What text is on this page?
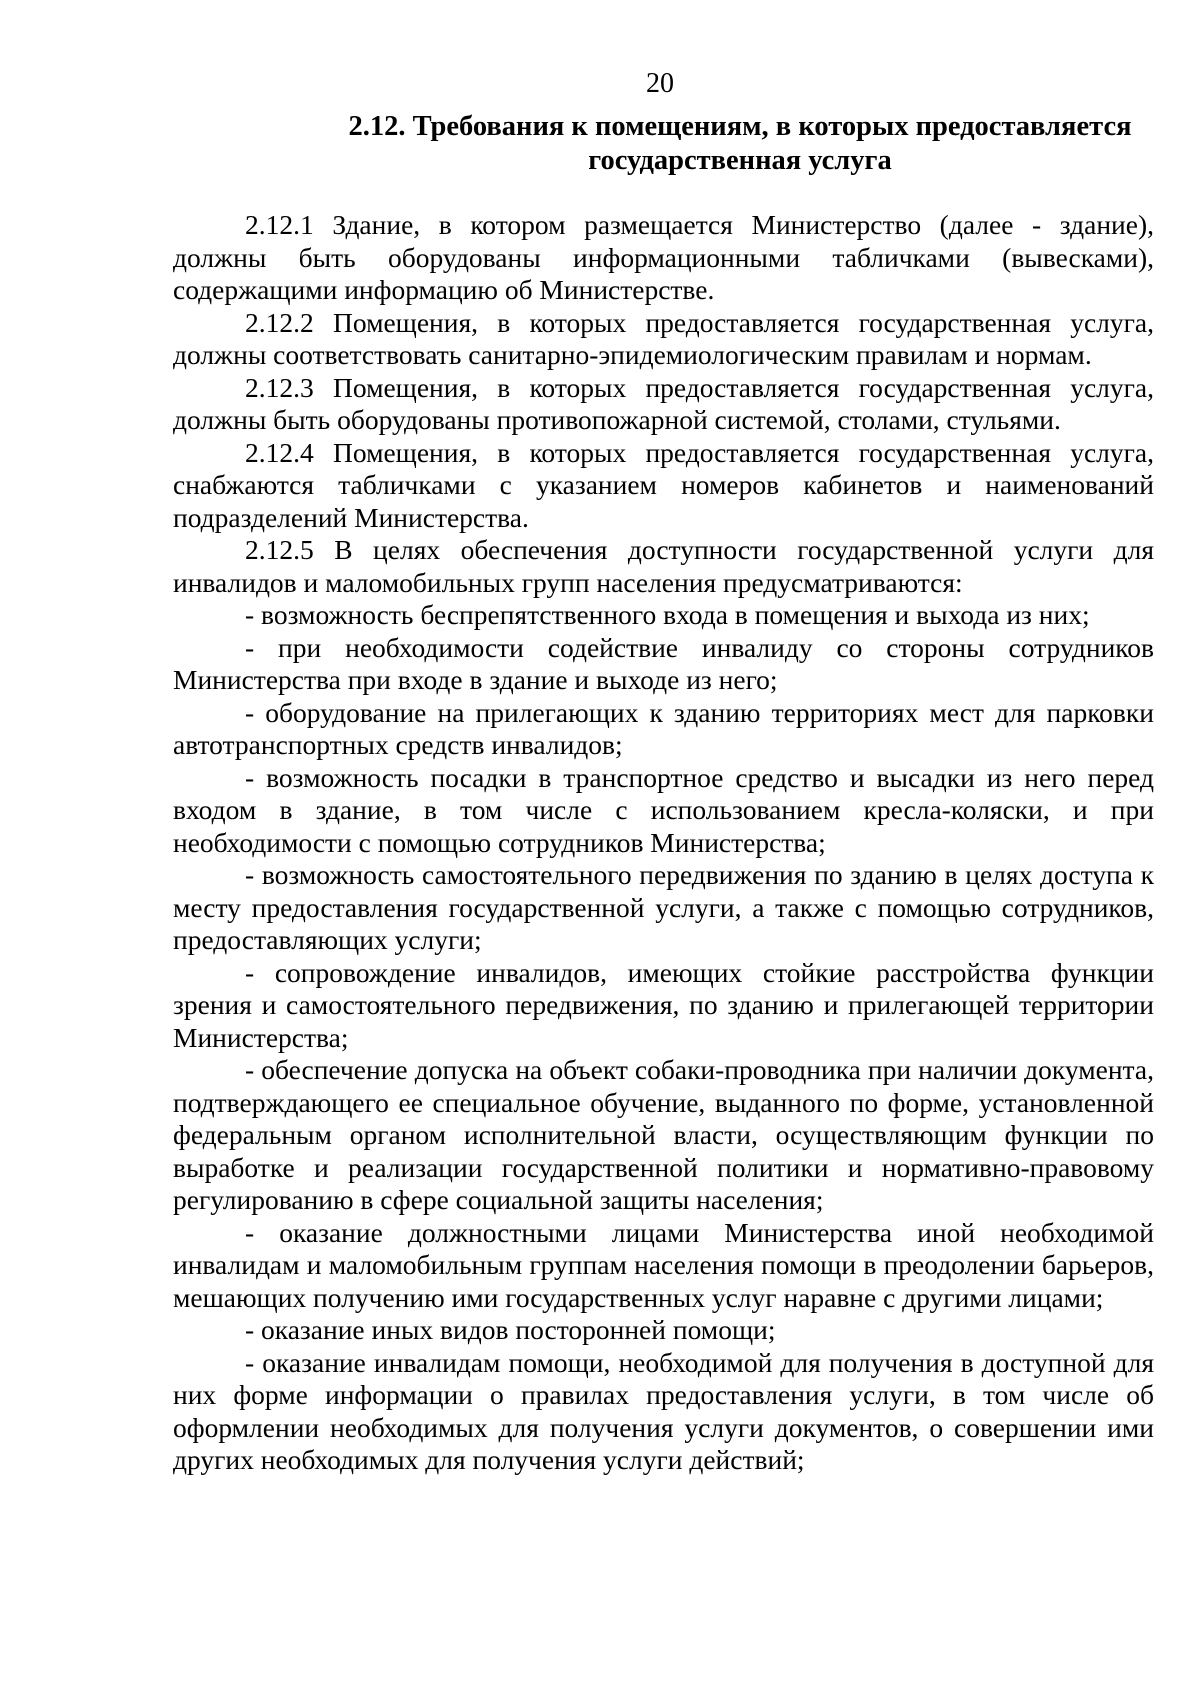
20
2.12. Требования к помещениям, в которых предоставляется
государственная услуга

2.12.1 Здание, в котором размещается Министерство (далее - здание), должны быть оборудованы информационными табличками (вывесками), содержащими информацию об Министерстве.

2.12.2 Помещения, в которых предоставляется государственная услуга, должны соответствовать санитарно-эпидемиологическим правилам и нормам.

2.12.3 Помещения, в которых предоставляется государственная услуга, должны быть оборудованы противопожарной системой, столами, стульями.

2.12.4 Помещения, в которых предоставляется государственная услуга, снабжаются табличками с указанием номеров кабинетов и наименований подразделений Министерства.

2.12.5 В целях обеспечения доступности государственной услуги для инвалидов и маломобильных групп населения предусматриваются:

- возможность беспрепятственного входа в помещения и выхода из них;

- при необходимости содействие инвалиду со стороны сотрудников Министерства при входе в здание и выходе из него;

- оборудование на прилегающих к зданию территориях мест для парковки автотранспортных средств инвалидов;

- возможность посадки в транспортное средство и высадки из него перед входом в здание, в том числе с использованием кресла-коляски, и при необходимости с помощью сотрудников Министерства;

- возможность самостоятельного передвижения по зданию в целях доступа к месту предоставления государственной услуги, а также с помощью сотрудников, предоставляющих услуги;

- сопровождение инвалидов, имеющих стойкие расстройства функции зрения и самостоятельного передвижения, по зданию и прилегающей территории Министерства;

- обеспечение допуска на объект собаки-проводника при наличии документа, подтверждающего ее специальное обучение, выданного по форме, установленной федеральным органом исполнительной власти, осуществляющим функции по выработке и реализации государственной политики и нормативно-правовому регулированию в сфере социальной защиты населения;

- оказание должностными лицами Министерства иной необходимой инвалидам и маломобильным группам населения помощи в преодолении барьеров, мешающих получению ими государственных услуг наравне с другими лицами;

- оказание иных видов посторонней помощи;

- оказание инвалидам помощи, необходимой для получения в доступной для них форме информации о правилах предоставления услуги, в том числе об оформлении необходимых для получения услуги документов, о совершении ими других необходимых для получения услуги действий;
